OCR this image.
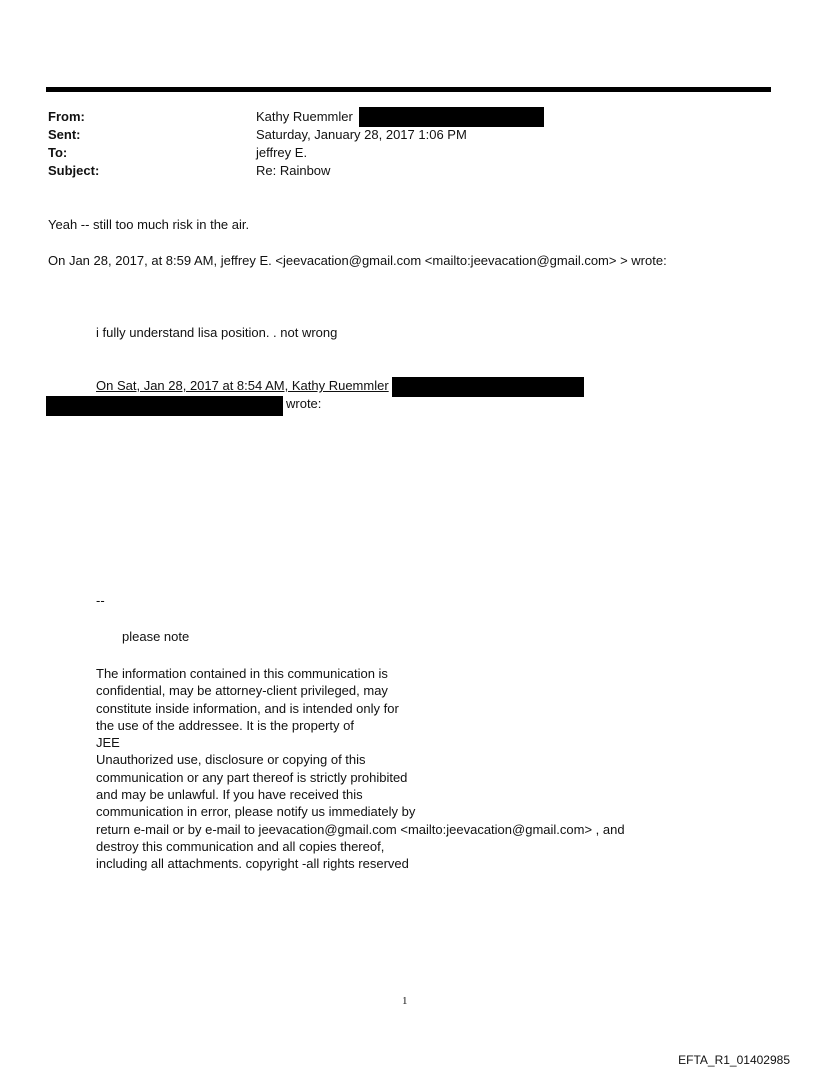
From:	Kathy Ruemmler
Sent:	Saturday, January 28, 2017 1:06 PM
To:	jeffrey E.
Subject:	Re: Rainbow
Yeah -- still too much risk in the air.
On Jan 28, 2017, at 8:59 AM, jeffrey E. <jeevacation@gmail.com <mailto:jeevacation@gmail.com> > wrote:
i fully understand lisa position. . not wrong
On Sat, Jan 28, 2017 at 8:54 AM, Kathy Ruemmler
wrote:
--
please note
The information contained in this communication is
confidential, may be attorney-client privileged, may
constitute inside information, and is intended only for
the use of the addressee. It is the property of
JEE
Unauthorized use, disclosure or copying of this
communication or any part thereof is strictly prohibited
and may be unlawful. If you have received this
communication in error, please notify us immediately by
return e-mail or by e-mail to jeevacation@gmail.com <mailto:jeevacation@gmail.com> , and
destroy this communication and all copies thereof,
including all attachments. copyright -all rights reserved
1
EFTA_R1_01402985
